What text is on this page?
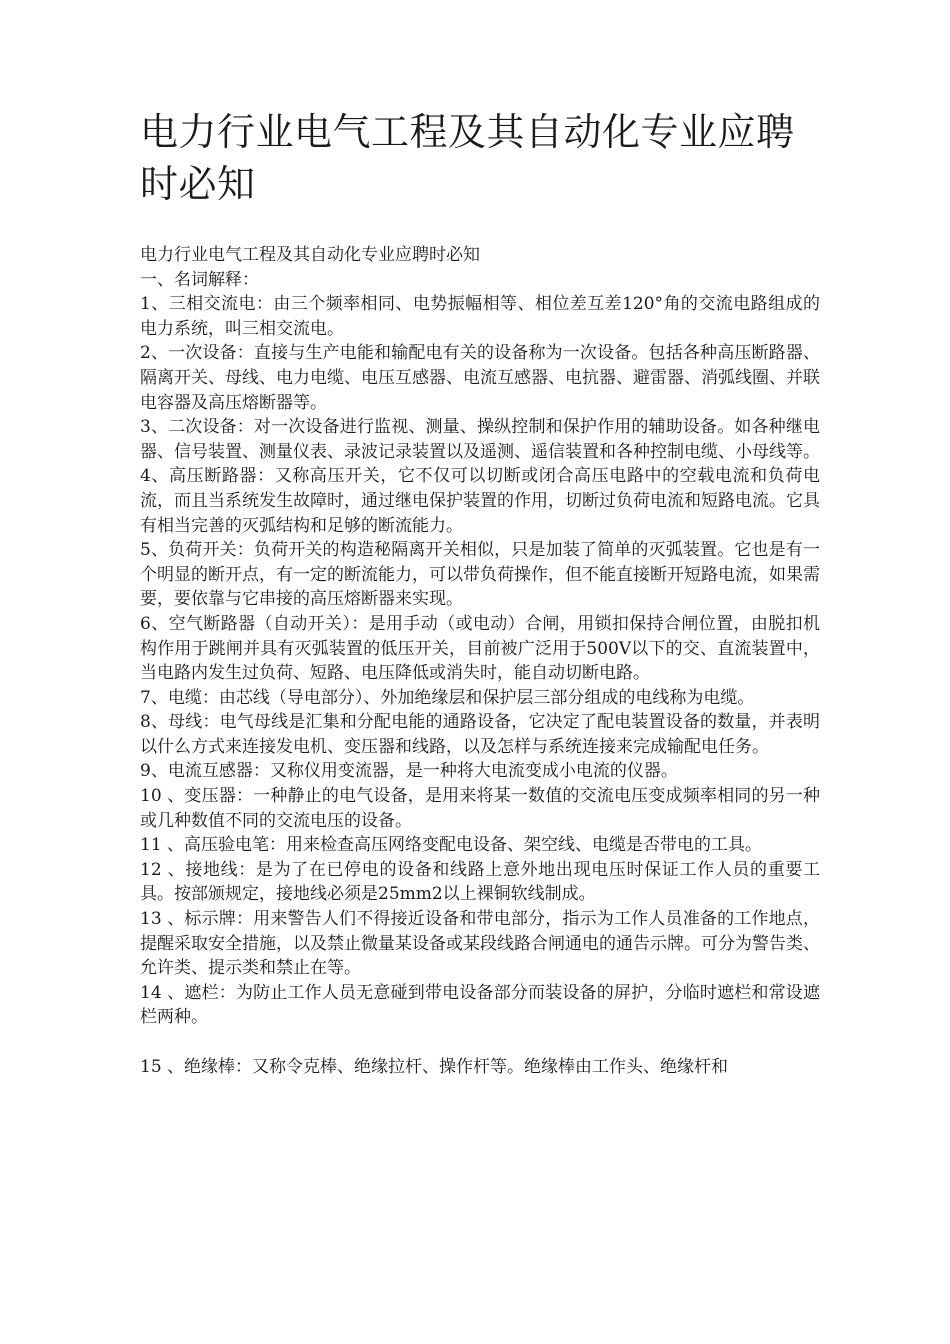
电力行业电气工程及其自动化专业应聘时必知

电力行业电气工程及其自动化专业应聘时必知

一、名词解释：

1、三相交流电：由三个频率相同、电势振幅相等、相位差互差120°角的交流电路组成的电力系统，叫三相交流电。

2、一次设备：直接与生产电能和输配电有关的设备称为一次设备。包括各种高压断路器、隔离开关、母线、电力电缆、电压互感器、电流互感器、电抗器、避雷器、消弧线圈、并联电容器及高压熔断器等。

3、二次设备：对一次设备进行监视、测量、操纵控制和保护作用的辅助设备。如各种继电器、信号装置、测量仪表、录波记录装置以及遥测、遥信装置和各种控制电缆、小母线等。

4、高压断路器：又称高压开关，它不仅可以切断或闭合高压电路中的空载电流和负荷电流，而且当系统发生故障时，通过继电保护装置的作用，切断过负荷电流和短路电流。它具有相当完善的灭弧结构和足够的断流能力。

5、负荷开关：负荷开关的构造秘隔离开关相似，只是加装了简单的灭弧装置。它也是有一个明显的断开点，有一定的断流能力，可以带负荷操作，但不能直接断开短路电流，如果需要，要依靠与它串接的高压熔断器来实现。

6、空气断路器（自动开关）：是用手动（或电动）合闸，用锁扣保持合闸位置，由脱扣机构作用于跳闸并具有灭弧装置的低压开关，目前被广泛用于500V以下的交、直流装置中，当电路内发生过负荷、短路、电压降低或消失时，能自动切断电路。

7、电缆：由芯线（导电部分）、外加绝缘层和保护层三部分组成的电线称为电缆。

8、母线：电气母线是汇集和分配电能的通路设备，它决定了配电装置设备的数量，并表明以什么方式来连接发电机、变压器和线路，以及怎样与系统连接来完成输配电任务。

9、电流互感器：又称仪用变流器，是一种将大电流变成小电流的仪器。

10 、变压器：一种静止的电气设备，是用来将某一数值的交流电压变成频率相同的另一种或几种数值不同的交流电压的设备。

11 、高压验电笔：用来检查高压网络变配电设备、架空线、电缆是否带电的工具。

12 、接地线：是为了在已停电的设备和线路上意外地出现电压时保证工作人员的重要工具。按部颁规定，接地线必须是25mm2以上裸铜软线制成。

13 、标示牌：用来警告人们不得接近设备和带电部分，指示为工作人员准备的工作地点，提醒采取安全措施，以及禁止微量某设备或某段线路合闸通电的通告示牌。可分为警告类、允许类、提示类和禁止在等。

14 、遮栏：为防止工作人员无意碰到带电设备部分而装设备的屏护，分临时遮栏和常设遮栏两种。

15 、绝缘棒：又称令克棒、绝缘拉杆、操作杆等。绝缘棒由工作头、绝缘杆和
